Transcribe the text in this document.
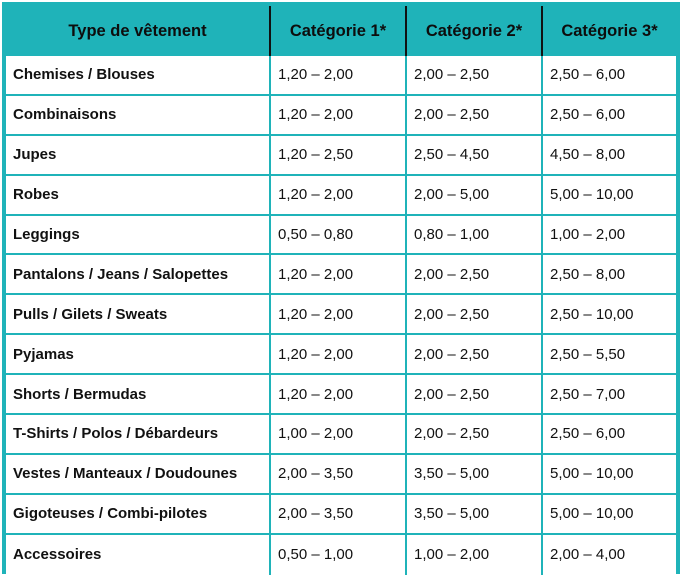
Type de vêtement	Catégorie 1*	Catégorie 2*	Catégorie 3*
Chemises / Blouses	1,20 – 2,00	2,00 – 2,50	2,50 – 6,00
Combinaisons	1,20 – 2,00	2,00 – 2,50	2,50 – 6,00
Jupes	1,20 – 2,50	2,50 – 4,50	4,50 – 8,00
Robes	1,20 – 2,00	2,00 – 5,00	5,00 – 10,00
Leggings	0,50 – 0,80	0,80 – 1,00	1,00 – 2,00
Pantalons / Jeans / Salopettes	1,20 – 2,00	2,00 – 2,50	2,50 – 8,00
Pulls / Gilets / Sweats	1,20 – 2,00	2,00 – 2,50	2,50 – 10,00
Pyjamas	1,20 – 2,00	2,00 – 2,50	2,50 – 5,50
Shorts / Bermudas	1,20 – 2,00	2,00 – 2,50	2,50 – 7,00
T-Shirts / Polos / Débardeurs	1,00 – 2,00	2,00 – 2,50	2,50 – 6,00
Vestes / Manteaux / Doudounes	2,00 – 3,50	3,50 – 5,00	5,00 – 10,00
Gigoteuses / Combi-pilotes	2,00 – 3,50	3,50 – 5,00	5,00 – 10,00
Accessoires	0,50 – 1,00	1,00 – 2,00	2,00 – 4,00
